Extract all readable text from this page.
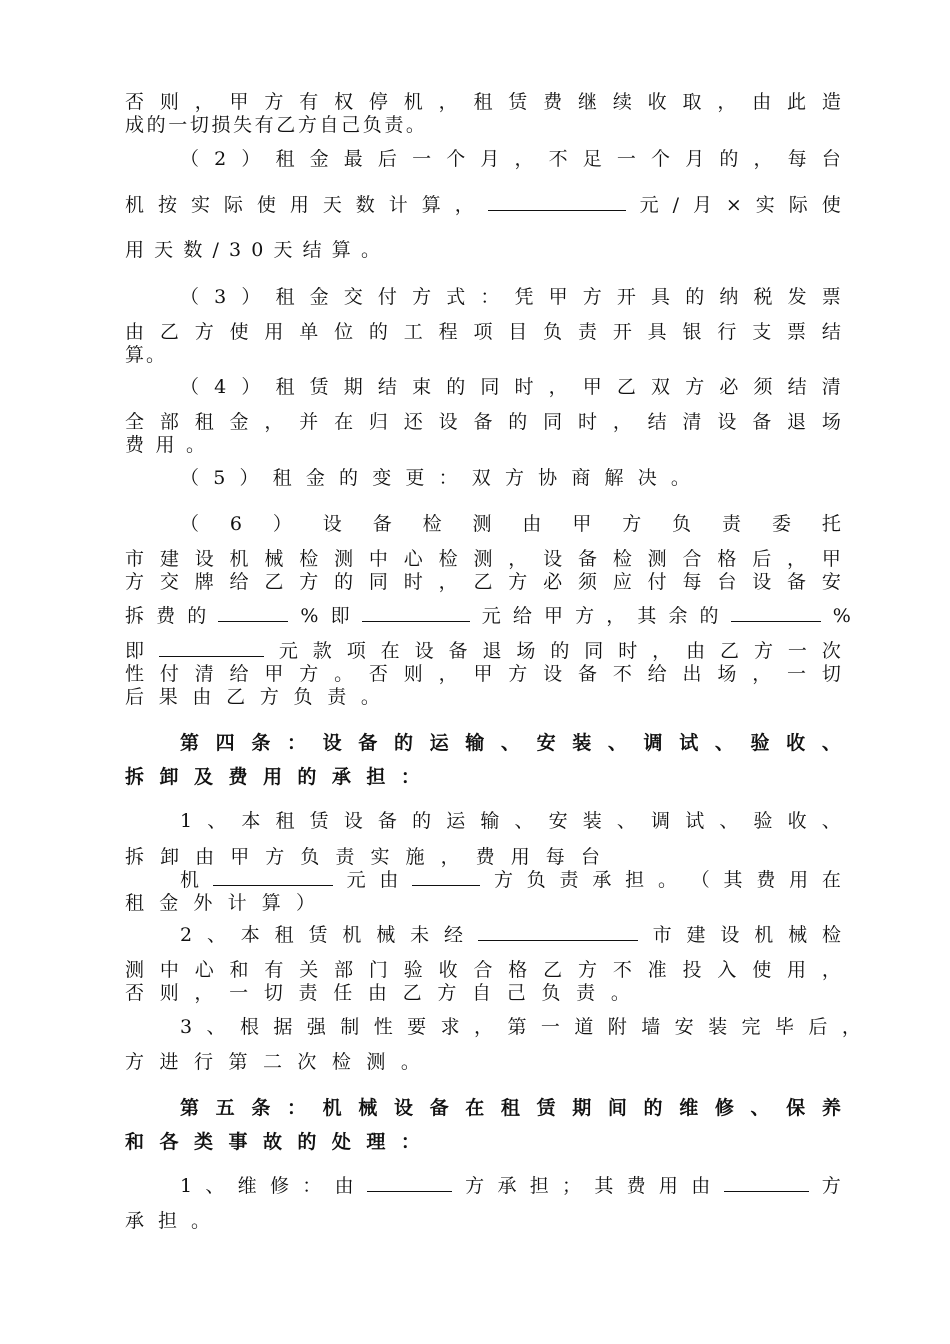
否 则 ， 甲 方 有 权 停 机 ， 租 赁 费 继 续 收 取 ， 由 此 造
成 的 一 切 损 失 有 乙 方 自 己 负 责 。
（ 2 ） 租 金 最 后 一 个 月 ， 不 足 一 个 月 的 ， 每 台
机 按 实 际 使 用 天 数 计 算 ，	元 / 月 × 实 际 使
用 天 数 / 3 0 天 结 算 。
（ 3 ） 租 金 交 付 方 式 ： 凭 甲 方 开 具 的 纳 税 发 票
由 乙 方 使 用 单 位 的 工 程 项 目 负 责 开 具 银 行 支 票 结
算 。
（ 4 ） 租 赁 期 结 束 的 同 时 ， 甲 乙 双 方 必 须 结 清
全 部 租 金 ， 并 在 归 还 设 备 的 同 时 ， 结 清 设 备 退 场
费 用 。
（ 5 ） 租 金 的 变 更 ： 双 方 协 商 解 决 。
（ 6 ） 设 备 检 测 由 甲 方 负 责 委 托
市 建 设 机 械 检 测 中 心 检 测 ， 设 备 检 测 合 格 后 ， 甲
方 交 牌 给 乙 方 的 同 时 ， 乙 方 必 须 应 付 每 台 设 备 安
拆 费 的	% 即	元 给 甲 方 ， 其 余 的	%
即	元 款 项 在 设 备 退 场 的 同 时 ， 由 乙 方 一 次
性 付 清 给 甲 方 。 否 则 ， 甲 方 设 备 不 给 出 场 ， 一 切
后 果 由 乙 方 负 责 。
第 四 条 ： 设 备 的 运 输 、 安 装 、 调 试 、 验 收 、
拆 卸 及 费 用 的 承 担 ：
1 、 本 租 赁 设 备 的 运 输 、 安 装 、 调 试 、 验 收 、
拆 卸 由 甲 方 负 责 实 施 ， 费 用 每 台
机	元 由	方 负 责 承 担 。 （ 其 费 用 在
租 金 外 计 算 ）
2 、 本 租 赁 机 械 未 经	市 建 设 机 械 检
测 中 心 和 有 关 部 门 验 收 合 格 乙 方 不 准 投 入 使 用 ，
否 则 ， 一 切 责 任 由 乙 方 自 己 负 责 。
3 、 根 据 强 制 性 要 求 ， 第 一 道 附 墙 安 装 完 毕 后 ，
方 进 行 第 二 次 检 测 。
第 五 条 ： 机 械 设 备 在 租 赁 期 间 的 维 修 、 保 养
和 各 类 事 故 的 处 理 ：
1 、 维 修 ： 由	方 承 担 ； 其 费 用 由	方
承 担 。
